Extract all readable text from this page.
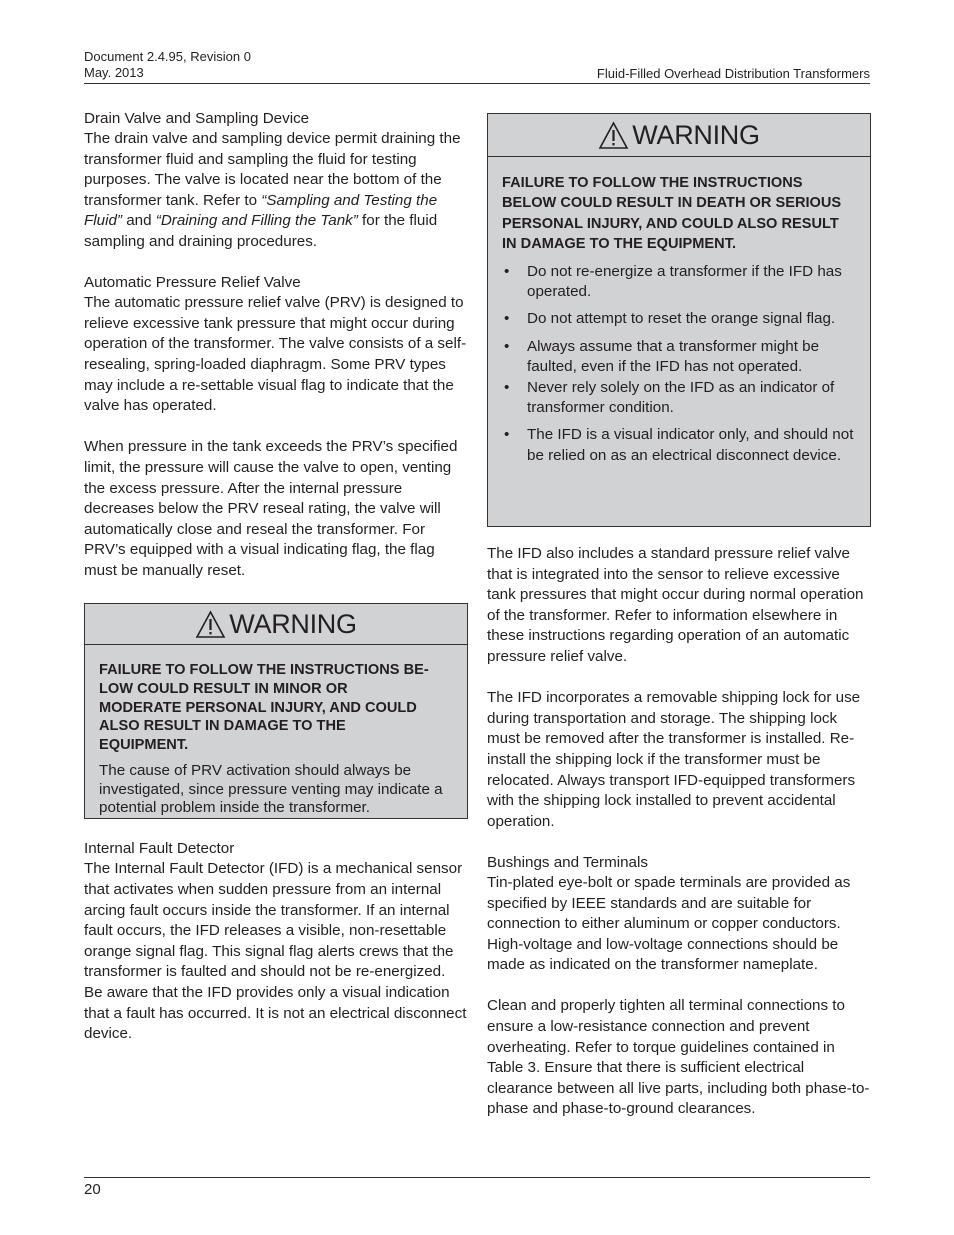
Document 2.4.95, Revision 0
May. 2013	Fluid-Filled Overhead Distribution Transformers
Drain Valve and Sampling Device

The drain valve and sampling device permit draining the transformer fluid and sampling the fluid for testing purposes. The valve is located near the bottom of the transformer tank. Refer to “Sampling and Testing the Fluid” and “Draining and Filling the Tank” for the fluid sampling and draining procedures.

Automatic Pressure Relief Valve

The automatic pressure relief valve (PRV) is designed to relieve excessive tank pressure that might occur during operation of the transformer. The valve consists of a self-resealing, spring-loaded diaphragm. Some PRV types may include a re-settable visual flag to indicate that the valve has operated.

When pressure in the tank exceeds the PRV’s specified limit, the pressure will cause the valve to open, venting the excess pressure. After the internal pressure decreases below the PRV reseal rating, the valve will automatically close and reseal the transformer. For PRV’s equipped with a visual indicating flag, the flag must be manually reset.

WARNING

FAILURE TO FOLLOW THE INSTRUCTIONS BE-LOW COULD RESULT IN MINOR OR MODERATE PERSONAL INJURY, AND COULD ALSO RESULT IN DAMAGE TO THE EQUIPMENT.

The cause of PRV activation should always be investigated, since pressure venting may indicate a potential problem inside the transformer.

Internal Fault Detector

The Internal Fault Detector (IFD) is a mechanical sensor that activates when sudden pressure from an internal arcing fault occurs inside the transformer. If an internal fault occurs, the IFD releases a visible, non-resettable orange signal flag. This signal flag alerts crews that the transformer is faulted and should not be re-energized. Be aware that the IFD provides only a visual indication that a fault has occurred. It is not an electrical disconnect device.

WARNING

FAILURE TO FOLLOW THE INSTRUCTIONS BELOW COULD RESULT IN DEATH OR SERIOUS PERSONAL INJURY, AND COULD ALSO RESULT IN DAMAGE TO THE EQUIPMENT.

• Do not re-energize a transformer if the IFD has operated.
• Do not attempt to reset the orange signal flag.
• Always assume that a transformer might be faulted, even if the IFD has not operated.
• Never rely solely on the IFD as an indicator of transformer condition.
• The IFD is a visual indicator only, and should not be relied on as an electrical disconnect device.

The IFD also includes a standard pressure relief valve that is integrated into the sensor to relieve excessive tank pressures that might occur during normal operation of the transformer. Refer to information elsewhere in these instructions regarding operation of an automatic pressure relief valve.

The IFD incorporates a removable shipping lock for use during transportation and storage. The shipping lock must be removed after the transformer is installed. Re-install the shipping lock if the transformer must be relocated. Always transport IFD-equipped transformers with the shipping lock installed to prevent accidental operation.

Bushings and Terminals

Tin-plated eye-bolt or spade terminals are provided as specified by IEEE standards and are suitable for connection to either aluminum or copper conductors. High-voltage and low-voltage connections should be made as indicated on the transformer nameplate.

Clean and properly tighten all terminal connections to ensure a low-resistance connection and prevent overheating. Refer to torque guidelines contained in Table 3. Ensure that there is sufficient electrical clearance between all live parts, including both phase-to-phase and phase-to-ground clearances.

20
